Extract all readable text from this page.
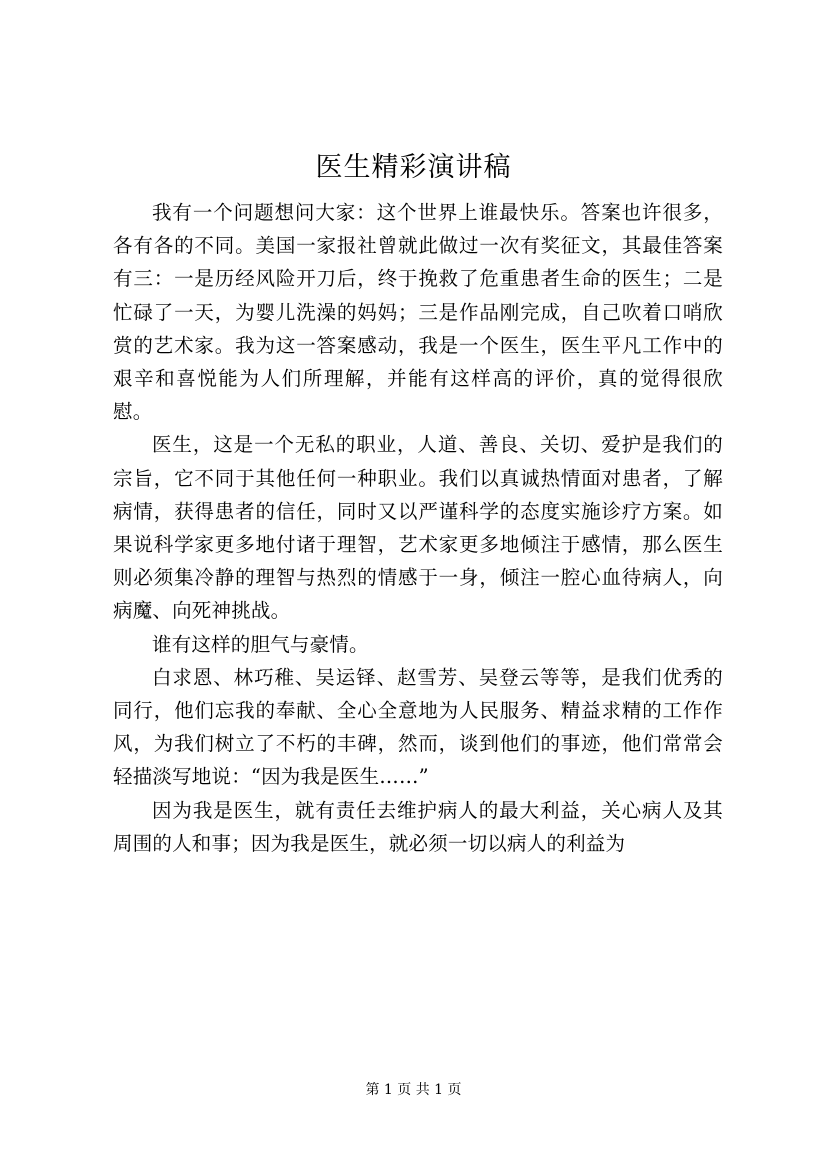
医生精彩演讲稿

我有一个问题想问大家：这个世界上谁最快乐。答案也许很多，各有各的不同。美国一家报社曾就此做过一次有奖征文，其最佳答案有三：一是历经风险开刀后，终于挽救了危重患者生命的医生；二是忙碌了一天，为婴儿洗澡的妈妈；三是作品刚完成，自己吹着口哨欣赏的艺术家。我为这一答案感动，我是一个医生，医生平凡工作中的艰辛和喜悦能为人们所理解，并能有这样高的评价，真的觉得很欣慰。

医生，这是一个无私的职业，人道、善良、关切、爱护是我们的宗旨，它不同于其他任何一种职业。我们以真诚热情面对患者，了解病情，获得患者的信任，同时又以严谨科学的态度实施诊疗方案。如果说科学家更多地付诸于理智，艺术家更多地倾注于感情，那么医生则必须集冷静的理智与热烈的情感于一身，倾注一腔心血待病人，向病魔、向死神挑战。

谁有这样的胆气与豪情。

白求恩、林巧稚、吴运铎、赵雪芳、吴登云等等，是我们优秀的同行，他们忘我的奉献、全心全意地为人民服务、精益求精的工作作风，为我们树立了不朽的丰碑，然而，谈到他们的事迹，他们常常会轻描淡写地说：“因为我是医生……”

因为我是医生，就有责任去维护病人的最大利益，关心病人及其周围的人和事；因为我是医生，就必须一切以病人的利益为

第 1 页 共 1 页
